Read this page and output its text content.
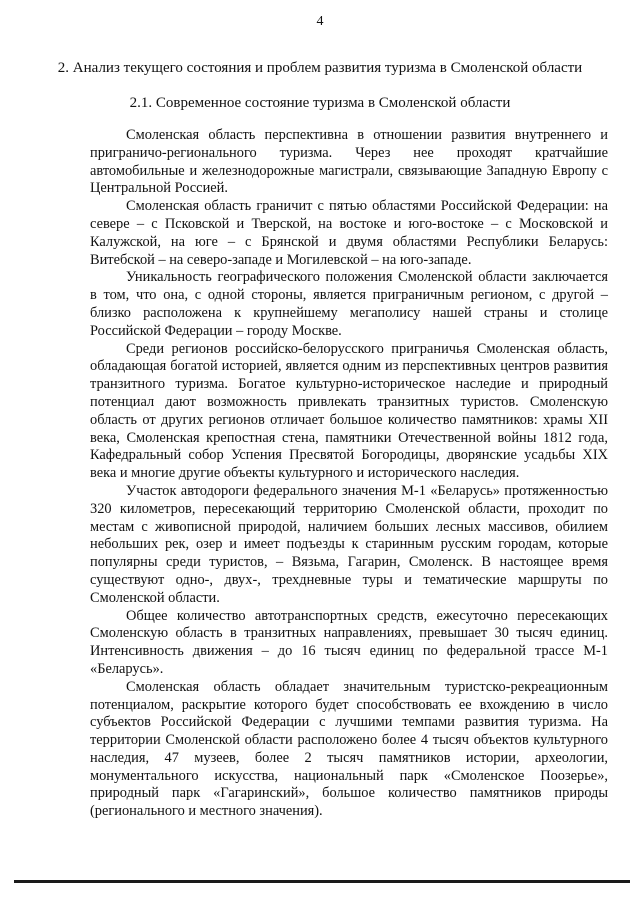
4
2. Анализ текущего состояния и проблем развития туризма в Смоленской области
2.1. Современное состояние туризма в Смоленской области

Смоленская область перспективна в отношении развития внутреннего и приграничо-регионального туризма. Через нее проходят кратчайшие автомобильные и железнодорожные магистрали, связывающие Западную Европу с Центральной Россией.

Смоленская область граничит с пятью областями Российской Федерации: на севере – с Псковской и Тверской, на востоке и юго-востоке – с Московской и Калужской, на юге – с Брянской и двумя областями Республики Беларусь: Витебской – на северо-западе и Могилевской – на юго-западе.

Уникальность географического положения Смоленской области заключается в том, что она, с одной стороны, является приграничным регионом, с другой – близко расположена к крупнейшему мегаполису нашей страны и столице Российской Федерации – городу Москве.

Среди регионов российско-белорусского приграничья Смоленская область, обладающая богатой историей, является одним из перспективных центров развития транзитного туризма. Богатое культурно-историческое наследие и природный потенциал дают возможность привлекать транзитных туристов. Смоленскую область от других регионов отличает большое количество памятников: храмы XII века, Смоленская крепостная стена, памятники Отечественной войны 1812 года, Кафедральный собор Успения Пресвятой Богородицы, дворянские усадьбы XIX века и многие другие объекты культурного и исторического наследия.

Участок автодороги федерального значения М-1 «Беларусь» протяженностью 320 километров, пересекающий территорию Смоленской области, проходит по местам с живописной природой, наличием больших лесных массивов, обилием небольших рек, озер и имеет подъезды к старинным русским городам, которые популярны среди туристов, – Вязьма, Гагарин, Смоленск. В настоящее время существуют одно-, двух-, трехдневные туры и тематические маршруты по Смоленской области.

Общее количество автотранспортных средств, ежесуточно пересекающих Смоленскую область в транзитных направлениях, превышает 30 тысяч единиц. Интенсивность движения – до 16 тысяч единиц по федеральной трассе М-1 «Беларусь».

Смоленская область обладает значительным туристско-рекреационным потенциалом, раскрытие которого будет способствовать ее вхождению в число субъектов Российской Федерации с лучшими темпами развития туризма. На территории Смоленской области расположено более 4 тысяч объектов культурного наследия, 47 музеев, более 2 тысяч памятников истории, археологии, монументального искусства, национальный парк «Смоленское Поозерье», природный парк «Гагаринский», большое количество памятников природы (регионального и местного значения).
